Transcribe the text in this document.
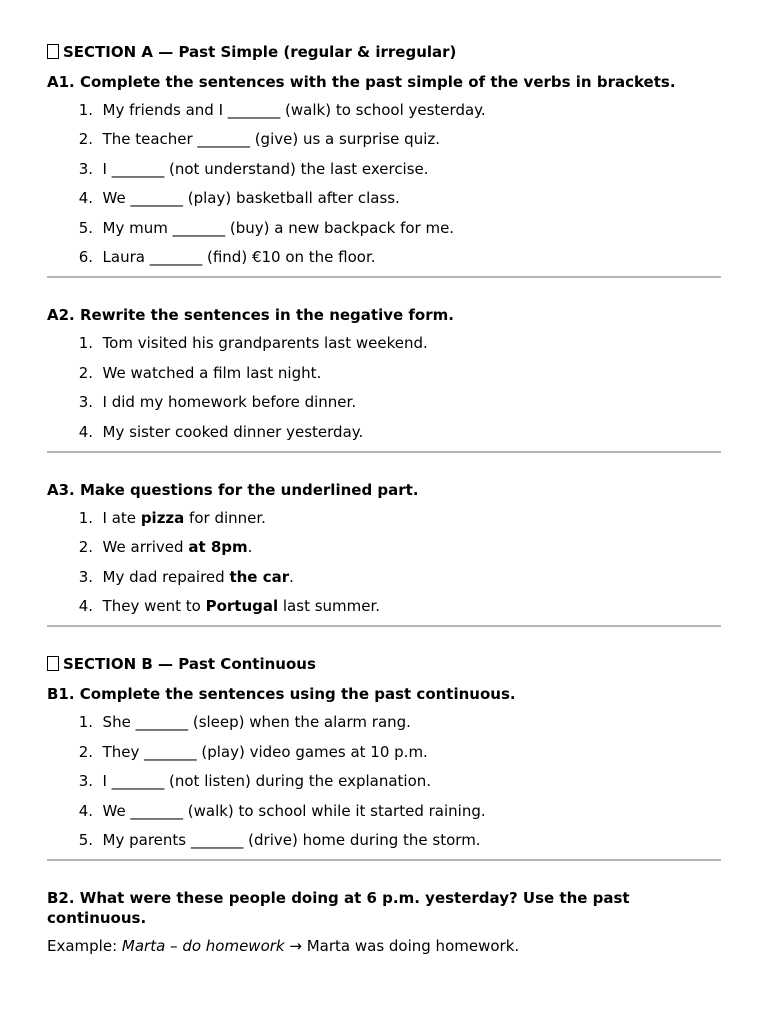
SECTION A — Past Simple (regular & irregular)
A1. Complete the sentences with the past simple of the verbs in brackets.
1.
My friends and I _______ (walk) to school yesterday.
2.
The teacher _______ (give) us a surprise quiz.
3.
I _______ (not understand) the last exercise.
4.
We _______ (play) basketball after class.
5.
My mum _______ (buy) a new backpack for me.
6.
Laura _______ (find) €10 on the floor.
A2. Rewrite the sentences in the negative form.
1.
Tom visited his grandparents last weekend.
2.
We watched a film last night.
3.
I did my homework before dinner.
4.
My sister cooked dinner yesterday.
A3. Make questions for the underlined part.
1.
I ate pizza for dinner.
2.
We arrived at 8pm.
3.
My dad repaired the car.
4.
They went to Portugal last summer.
SECTION B — Past Continuous
B1. Complete the sentences using the past continuous.
1.
She _______ (sleep) when the alarm rang.
2.
They _______ (play) video games at 10 p.m.
3.
I _______ (not listen) during the explanation.
4.
We _______ (walk) to school while it started raining.
5.
My parents _______ (drive) home during the storm.
B2. What were these people doing at 6 p.m. yesterday? Use the past continuous.
Example: Marta – do homework → Marta was doing homework.
